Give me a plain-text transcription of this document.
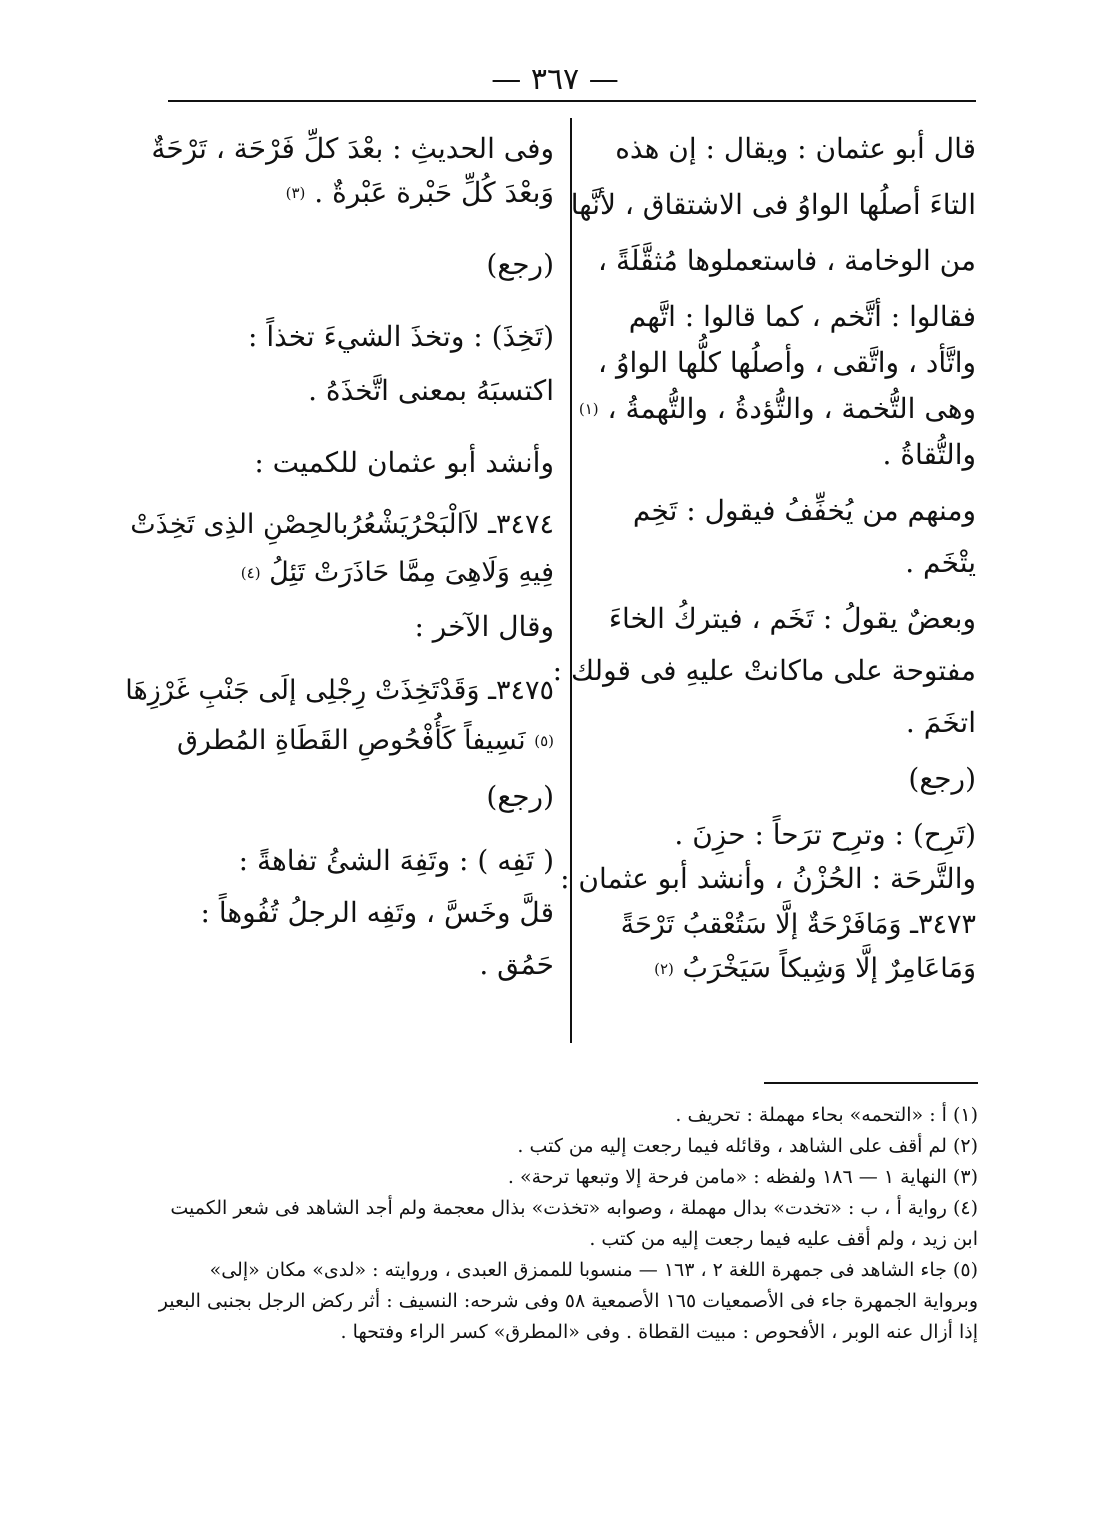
— ٣٦٧ —
قال أبو عثمان : ويقال : إن هذه
التاءَ أصلُها الواوُ فى الاشتقاق ، لأنَّها
من الوخامة ، فاستعملوها مُثقَّلَةً ،
فقالوا : أتَّخم ، كما قالوا : اتَّهم
واتَّأد ، واتَّقى ، وأصلُها كلُّها الواوُ ،
وهى التُّخمة ، والتُّؤدةُ ، والتُّهمةُ ، $^{(١)}$
والتُّقاةُ .
ومنهم من يُخفِّفُ فيقول : تَخِم
يتْخَم .
وبعضٌ يقولُ : تَخَم ، فيتركُ الخاءَ
مفتوحة على ماكانتْ عليهِ فى قولك :
اتخَمَ .
(رجع)
(تَرِح) : وترِح ترَحاً : حزِنَ .
والتَّرحَة : الحُزْنُ ، وأنشد أبو عثمان :
٣٤٧٣ـ وَمَافَرْحَةٌ إلَّا سَتُعْقبُ تَرْحَةً
وَمَاعَامِرٌ إلَّا وَشِيكاً سَيَخْرَبُ $^{(٢)}$
وفى الحديثِ : بعْدَ كلِّ فَرْحَة ، تَرْحَةٌ
وَبعْدَ كُلِّ حَبْرة عَبْرةٌ . $^{(٣)}$
(رجع)
(تَخِذَ) : وتخذَ الشيءَ تخذاً :
اكتسبَهُ بمعنى اتَّخذَهُ .
وأنشد أبو عثمان للكميت :
٣٤٧٤ـ لاَالْبَحْرُيَشْعُرُبالحِصْنِ الذِى تَخِذَتْ
فِيهِ وَلَاهِىَ مِمَّا حَاذَرَتْ تَئِلُ $^{(٤)}$
وقال الآخر :
٣٤٧٥ـ وَقَدْتَخِذَتْ رِجْلِى إلَى جَنْبِ غَرْزِهَا
$^{(٥)}$ نَسِيفاً كَأُفْحُوصِ القَطَاةِ المُطرق
(رجع)
( تَفِه ) : وتَفِهَ الشئُ تفاهةً :
قلَّ وخَسَّ ، وتَفِه الرجلُ تُفُوهاً :
حَمُق .
(١) أ : «التحمه» بحاء مهملة : تحريف .
(٢) لم أقف على الشاهد ، وقائله فيما رجعت إليه من كتب .
(٣) النهاية ١ — ١٨٦ ولفظه : «مامن فرحة إلا وتبعها ترحة» .
(٤) رواية أ ، ب : «تخدت» بدال مهملة ، وصوابه «تخذت» بذال معجمة ولم أجد الشاهد فى شعر الكميت
ابن زيد ، ولم أقف عليه فيما رجعت إليه من كتب .
(٥) جاء الشاهد فى جمهرة اللغة ٢ ، ١٦٣ — منسوبا للممزق العبدى ، وروايته : «لدى» مكان «إلى»
وبرواية الجمهرة جاء فى الأصمعيات ١٦٥ الأصمعية ٥٨ وفى شرحه: النسيف : أثر ركض الرجل بجنبى البعير
إذا أزال عنه الوبر ، الأفحوص : مبيت القطاة . وفى «المطرق» كسر الراء وفتحها .
